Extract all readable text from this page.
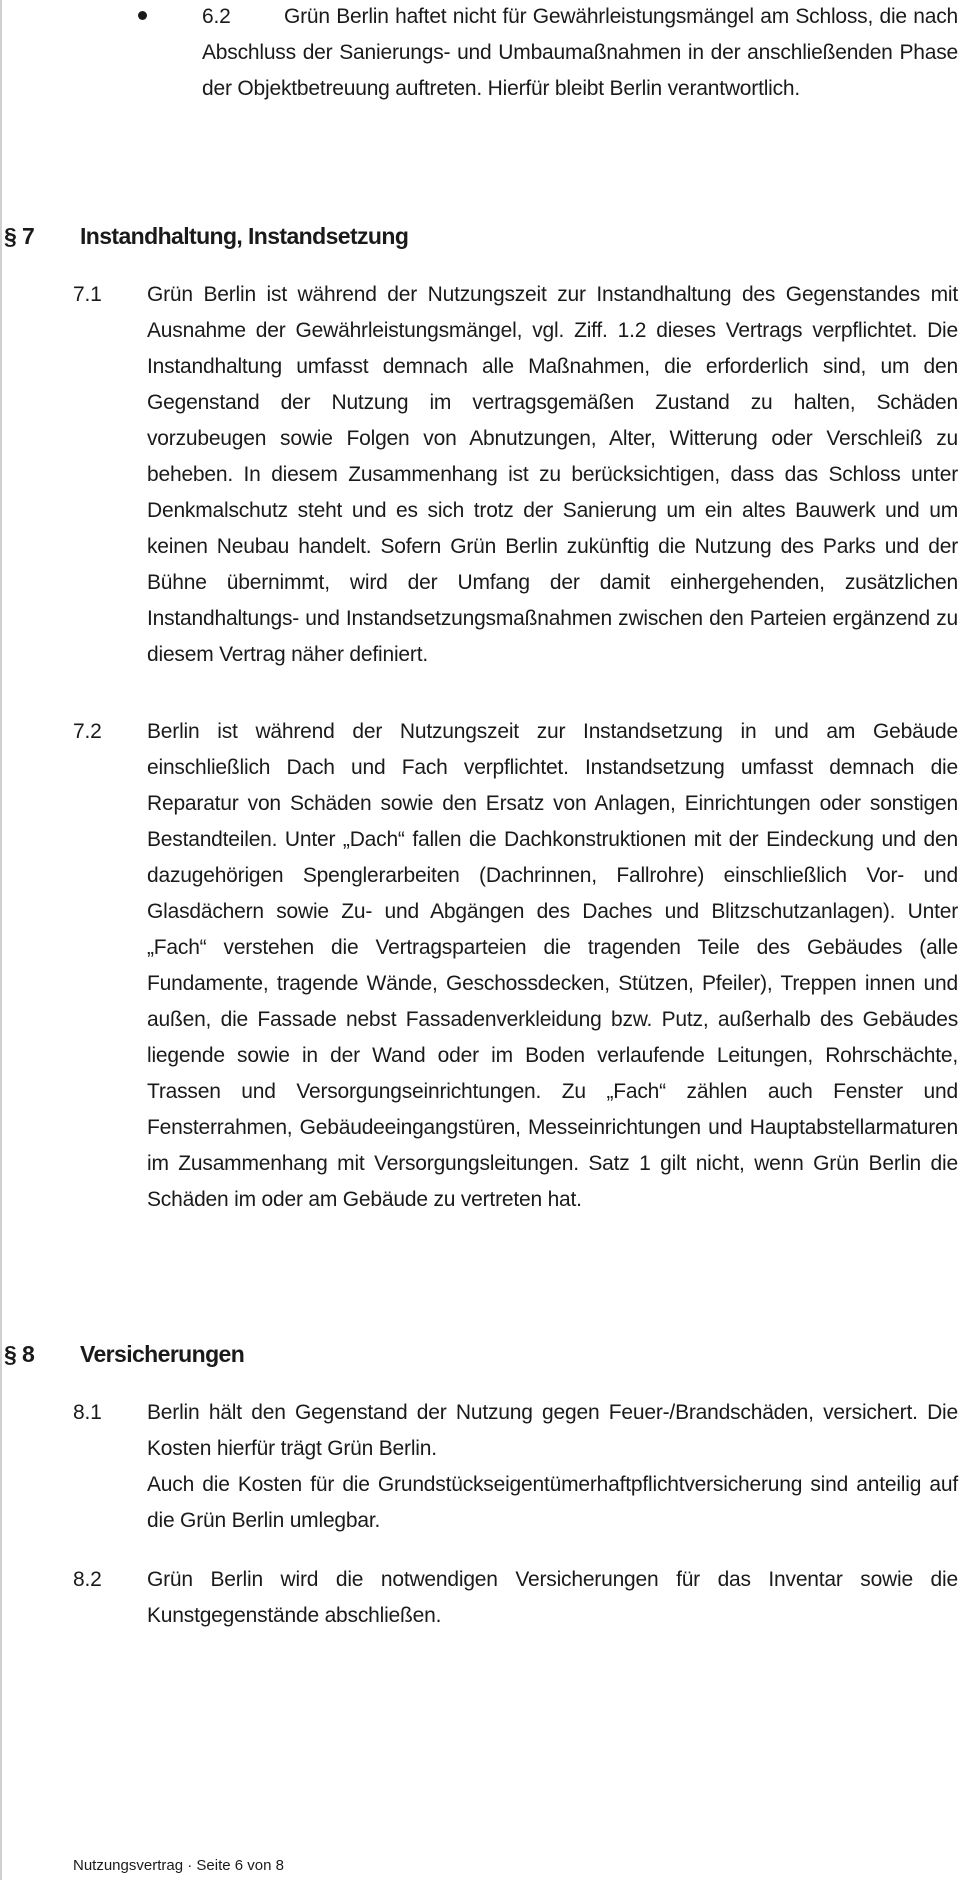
6.2	Grün Berlin haftet nicht für Gewährleistungsmängel am Schloss, die nach Abschluss der Sanierungs- und Umbaumaßnahmen in der anschließenden Phase der Objektbetreuung auftreten. Hierfür bleibt Berlin verantwortlich.
§ 7	Instandhaltung, Instandsetzung
7.1	Grün Berlin ist während der Nutzungszeit zur Instandhaltung des Gegenstandes mit Ausnahme der Gewährleistungsmängel, vgl. Ziff. 1.2 dieses Vertrags verpflichtet. Die Instandhaltung umfasst demnach alle Maßnahmen, die erforderlich sind, um den Gegenstand der Nutzung im vertragsgemäßen Zustand zu halten, Schäden vorzubeugen sowie Folgen von Abnutzungen, Alter, Witterung oder Verschleiß zu beheben. In diesem Zusammenhang ist zu berücksichtigen, dass das Schloss unter Denkmalschutz steht und es sich trotz der Sanierung um ein altes Bauwerk und um keinen Neubau handelt. Sofern Grün Berlin zukünftig die Nutzung des Parks und der Bühne übernimmt, wird der Umfang der damit einhergehenden, zusätzlichen Instandhaltungs- und Instandsetzungsmaßnahmen zwischen den Parteien ergänzend zu diesem Vertrag näher definiert.

7.2	Berlin ist während der Nutzungszeit zur Instandsetzung in und am Gebäude einschließlich Dach und Fach verpflichtet. Instandsetzung umfasst demnach die Reparatur von Schäden sowie den Ersatz von Anlagen, Einrichtungen oder sonstigen Bestandteilen. Unter „Dach“ fallen die Dachkonstruktionen mit der Eindeckung und den dazugehörigen Spenglerarbeiten (Dachrinnen, Fallrohre) einschließlich Vor- und Glasdächern sowie Zu- und Abgängen des Daches und Blitzschutzanlagen). Unter „Fach“ verstehen die Vertragsparteien die tragenden Teile des Gebäudes (alle Fundamente, tragende Wände, Geschossdecken, Stützen, Pfeiler), Treppen innen und außen, die Fassade nebst Fassadenverkleidung bzw. Putz, außerhalb des Gebäudes liegende sowie in der Wand oder im Boden verlaufende Leitungen, Rohrschächte, Trassen und Versorgungseinrichtungen. Zu „Fach“ zählen auch Fenster und Fensterrahmen, Gebäudeeingangstüren, Messeinrichtungen und Hauptabstellarmaturen im Zusammenhang mit Versorgungsleitungen. Satz 1 gilt nicht, wenn Grün Berlin die Schäden im oder am Gebäude zu vertreten hat.

§ 8	Versicherungen
8.1	Berlin hält den Gegenstand der Nutzung gegen Feuer-/Brandschäden, versichert. Die Kosten hierfür trägt Grün Berlin.

Auch die Kosten für die Grundstückseigentümerhaftpflichtversicherung sind anteilig auf die Grün Berlin umlegbar.

8.2	Grün Berlin wird die notwendigen Versicherungen für das Inventar sowie die Kunstgegenstände abschließen.

Nutzungsvertrag · Seite 6 von 8
